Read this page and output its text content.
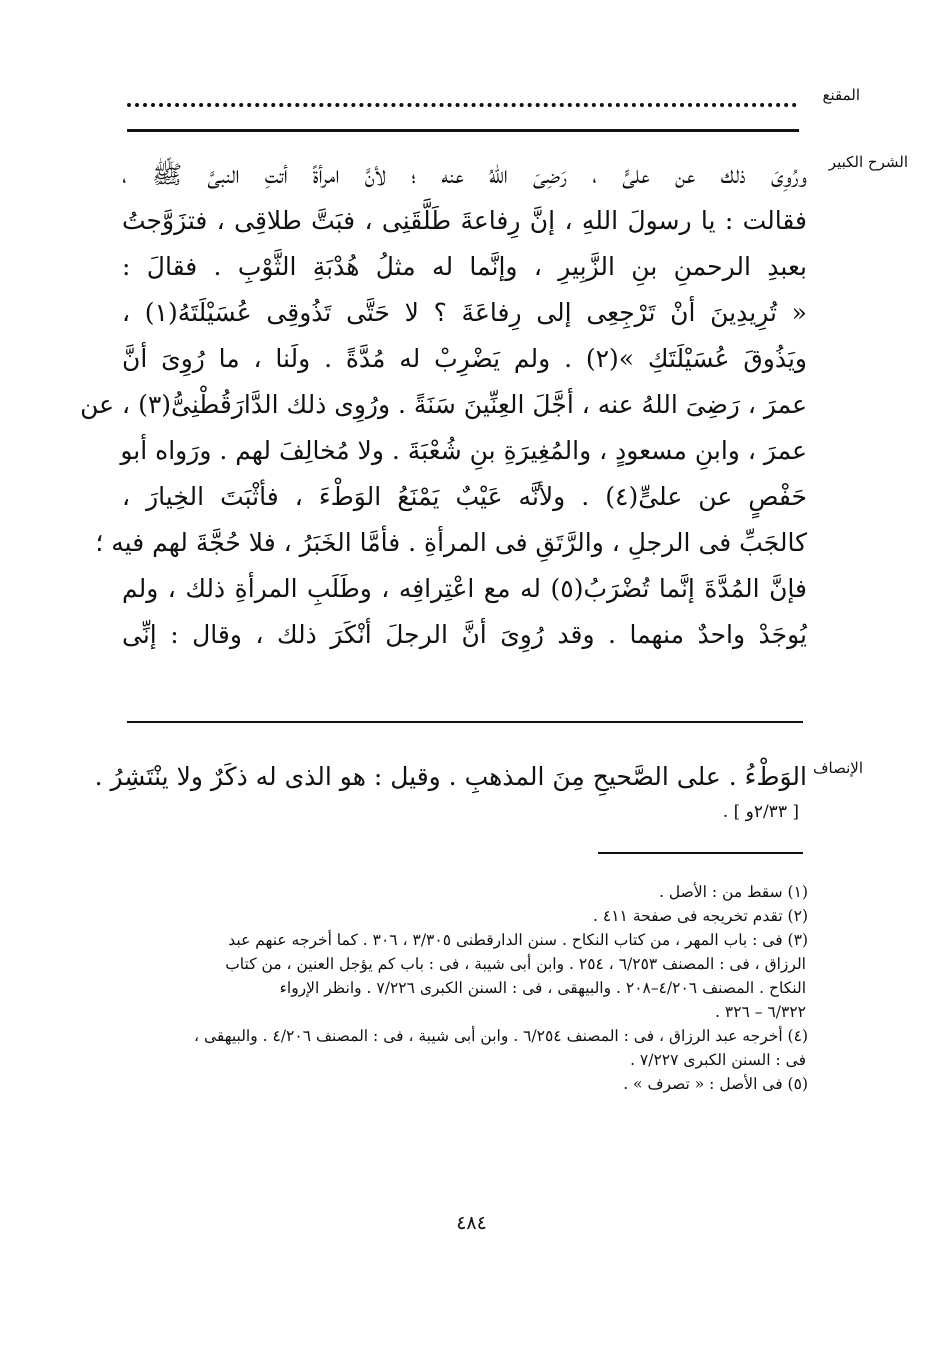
المقنع
الشرح الكبير
ورُوِىَ ذلك عن علىٍّ ، رَضِىَ اللهُ عنه ؛ لأنَّ امرأةً أتتِ النبىَّ ﷺ ،
فقالت : يا رسولَ اللهِ ، إنَّ رِفاعةَ طَلَّقَنِى ، فبَتَّ طلاقِى ، فتزَوَّجتُ
بعبدِ الرحمنِ بنِ الزَّبِيرِ ، وإنَّما له مثلُ هُدْبَةِ الثَّوْبِ . فقالَ :
« تُرِيدِينَ أنْ تَرْجِعِى إلى رِفاعَةَ ؟ لا حَتَّى تَذُوقِى عُسَيْلَتَهُ(١) ،
ويَذُوقَ عُسَيْلَتَكِ »(٢) . ولم يَضْرِبْ له مُدَّةً . ولَنا ، ما رُوِىَ أنَّ
عمرَ ، رَضِىَ اللهُ عنه ، أجَّلَ العِنِّينَ سَنَةً . ورُوِى ذلك الدَّارَقُطْنِىُّ(٣) ، عن
عمرَ ، وابنِ مسعودٍ ، والمُغِيرَةِ بنِ شُعْبَةَ . ولا مُخالِفَ لهم . ورَواه أبو
حَفْصٍ عن علىٍّ(٤) . ولأنَّه عَيْبٌ يَمْنَعُ الوَطْءَ ، فأثْبَتَ الخِيارَ ،
كالجَبِّ فى الرجلِ ، والرَّتَقِ فى المرأةِ . فأمَّا الخَبَرُ ، فلا حُجَّةَ لهم فيه ؛
فإنَّ المُدَّةَ إنَّما تُضْرَبُ(٥) له مع اعْتِرافِه ، وطَلَبِ المرأةِ ذلك ، ولم
يُوجَدْ واحدٌ منهما . وقد رُوِىَ أنَّ الرجلَ أنْكَرَ ذلك ، وقال : إنِّى
الإنصاف
الوَطْءُ . على الصَّحيحِ مِنَ المذهبِ . وقيل : هو الذى له ذكَرٌ ولا ينْتَشِرُ .
[ ٢/٣٣و ] .
(١) سقط من : الأصل .
(٢) تقدم تخريجه فى صفحة ٤١١ .
(٣) فى : باب المهر ، من كتاب النكاح . سنن الدارقطنى ٣/٣٠٥ ، ٣٠٦ . كما أخرجه عنهم عبد
الرزاق ، فى : المصنف ٦/٢٥٣ ، ٢٥٤ . وابن أبى شيبة ، فى : باب كم يؤجل العنين ، من كتاب
النكاح . المصنف ٤/٢٠٦–٢٠٨ . والبيهقى ، فى : السنن الكبرى ٧/٢٢٦ . وانظر الإرواء
٦/٣٢٢ – ٣٢٦ .
(٤) أخرجه عبد الرزاق ، فى : المصنف ٦/٢٥٤ . وابن أبى شيبة ، فى : المصنف ٤/٢٠٦ . والبيهقى ،
فى : السنن الكبرى ٧/٢٢٧ .
(٥) فى الأصل : « تصرف » .
٤٨٤
